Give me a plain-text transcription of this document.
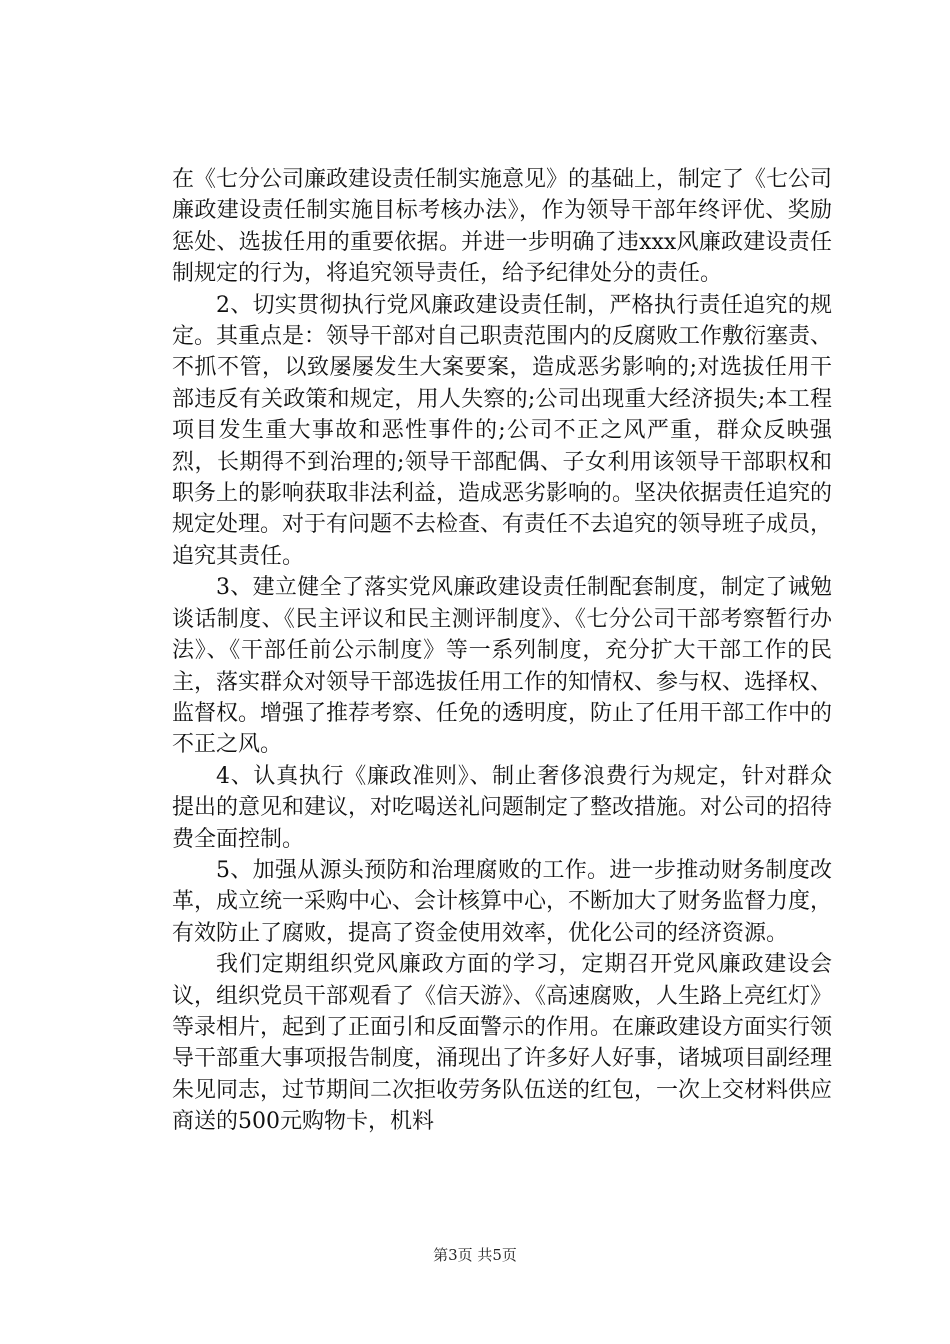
在《七分公司廉政建设责任制实施意见》的基础上，制定了《七公司廉政建设责任制实施目标考核办法》，作为领导干部年终评优、奖励惩处、选拔任用的重要依据。并进一步明确了违xxx风廉政建设责任制规定的行为，将追究领导责任，给予纪律处分的责任。

2、切实贯彻执行党风廉政建设责任制，严格执行责任追究的规定。其重点是：领导干部对自己职责范围内的反腐败工作敷衍塞责、不抓不管，以致屡屡发生大案要案，造成恶劣影响的;对选拔任用干部违反有关政策和规定，用人失察的;公司出现重大经济损失;本工程项目发生重大事故和恶性事件的;公司不正之风严重，群众反映强烈，长期得不到治理的;领导干部配偶、子女利用该领导干部职权和职务上的影响获取非法利益，造成恶劣影响的。坚决依据责任追究的规定处理。对于有问题不去检查、有责任不去追究的领导班子成员，追究其责任。

3、建立健全了落实党风廉政建设责任制配套制度，制定了诫勉谈话制度、《民主评议和民主测评制度》、《七分公司干部考察暂行办法》、《干部任前公示制度》等一系列制度，充分扩大干部工作的民主，落实群众对领导干部选拔任用工作的知情权、参与权、选择权、监督权。增强了推荐考察、任免的透明度，防止了任用干部工作中的不正之风。

4、认真执行《廉政准则》、制止奢侈浪费行为规定，针对群众提出的意见和建议，对吃喝送礼问题制定了整改措施。对公司的招待费全面控制。

5、加强从源头预防和治理腐败的工作。进一步推动财务制度改革，成立统一采购中心、会计核算中心，不断加大了财务监督力度，有效防止了腐败，提高了资金使用效率，优化公司的经济资源。

我们定期组织党风廉政方面的学习，定期召开党风廉政建设会议，组织党员干部观看了《信天游》、《高速腐败，人生路上亮红灯》等录相片，起到了正面引和反面警示的作用。在廉政建设方面实行领导干部重大事项报告制度，涌现出了许多好人好事，诸城项目副经理朱见同志，过节期间二次拒收劳务队伍送的红包，一次上交材料供应商送的500元购物卡，机料

第3页 共5页
